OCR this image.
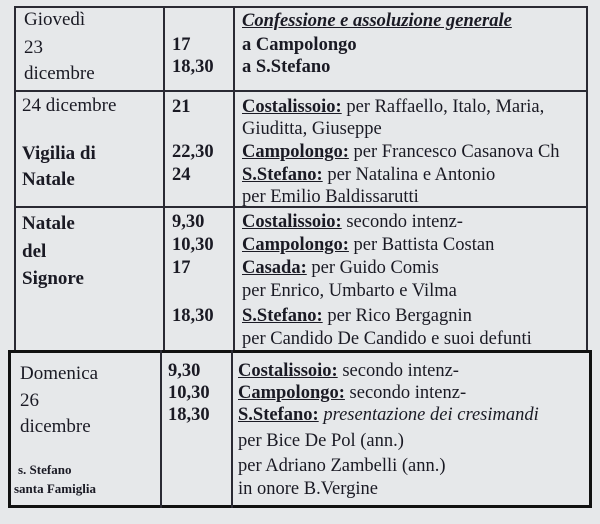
Giovedì
23
dicembre
17
18,30
Confessione e assoluzione generale
a Campolongo
a S.Stefano
24 dicembre
Vigilia di
Natale
21
22,30
24
Costalissoio: per Raffaello, Italo, Maria,
Giuditta, Giuseppe
Campolongo: per Francesco Casanova Ch
S.Stefano: per Natalina e Antonio
per Emilio Baldissarutti
Natale
del
Signore
9,30
10,30
17
18,30
Costalissoio: secondo intenz-
Campolongo: per Battista Costan
Casada: per Guido Comis
per Enrico, Umbarto e Vilma
S.Stefano: per Rico Bergagnin
per Candido De Candido e suoi defunti
Domenica
26
dicembre
s. Stefano
santa Famiglia
9,30
10,30
18,30
Costalissoio: secondo intenz-
Campolongo: secondo intenz-
S.Stefano: presentazione dei cresimandi
per Bice De Pol (ann.)
per Adriano Zambelli (ann.)
in onore B.Vergine
